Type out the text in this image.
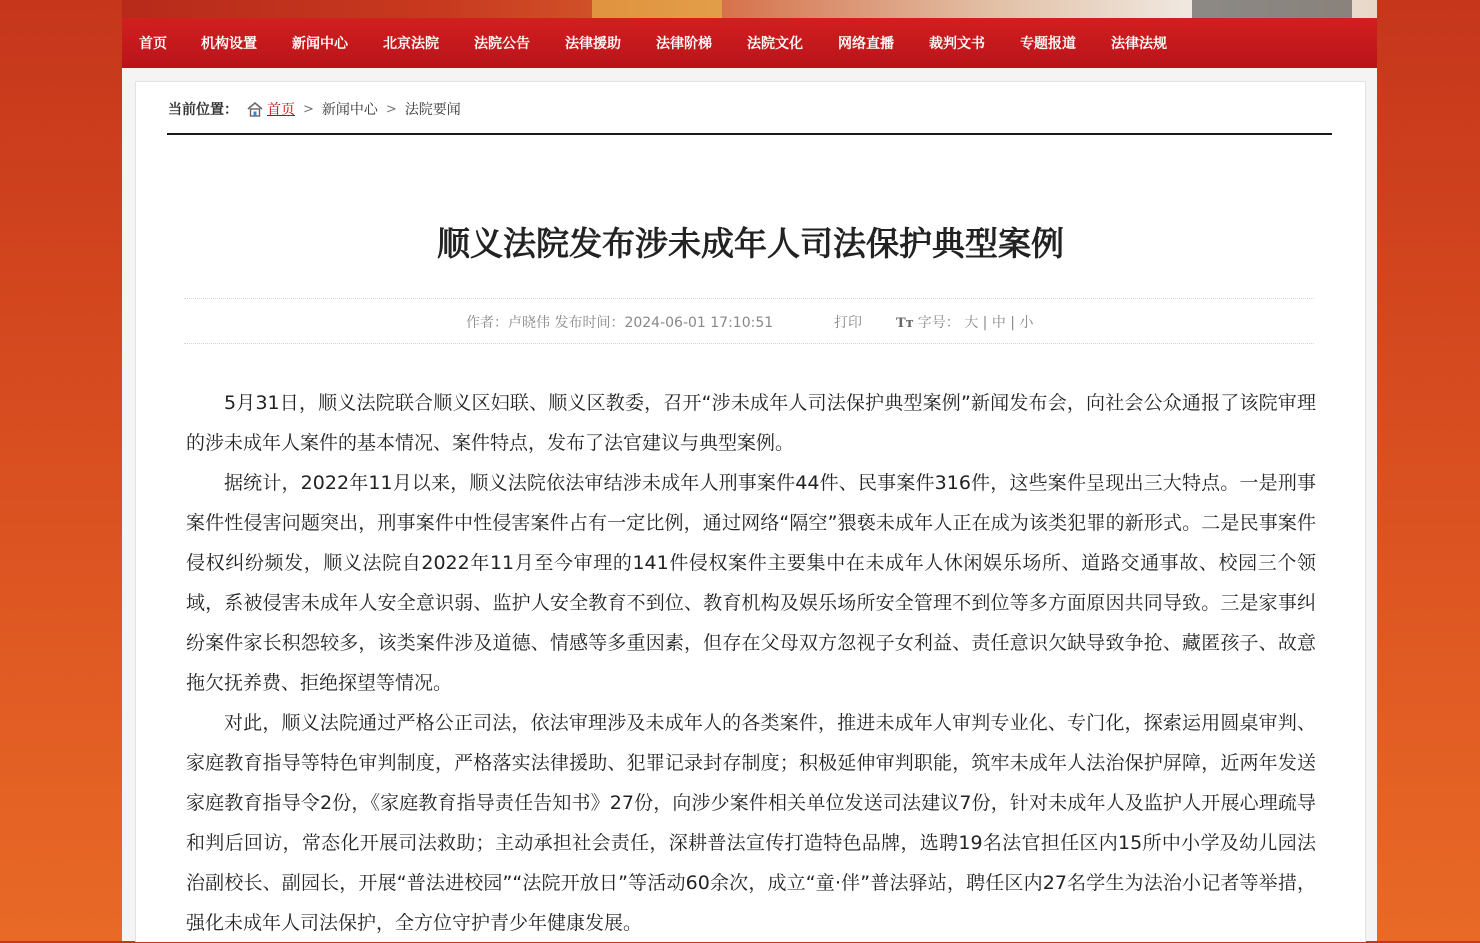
首页 机构设置	新闻中心	北京法院	法院公告	法律援助	法律阶梯	法院文化	网络直播	裁判文书	专题报道	法律法规
当前位置： 首页 > 新闻中心 > 法院要闻
顺义法院发布涉未成年人司法保护典型案例
作者：卢晓伟 发布时间：2024-06-01 17:10:51	打印	Tт 字号： 大 | 中 | 小

5月31日，顺义法院联合顺义区妇联、顺义区教委，召开“涉未成年人司法保护典型案例”新闻发布会，向社会公众通报了该院审理的涉未成年人案件的基本情况、案件特点，发布了法官建议与典型案例。

据统计，2022年11月以来，顺义法院依法审结涉未成年人刑事案件44件、民事案件316件，这些案件呈现出三大特点。一是刑事案件性侵害问题突出，刑事案件中性侵害案件占有一定比例，通过网络“隔空”猥亵未成年人正在成为该类犯罪的新形式。二是民事案件侵权纠纷频发，顺义法院自2022年11月至今审理的141件侵权案件主要集中在未成年人休闲娱乐场所、道路交通事故、校园三个领域，系被侵害未成年人安全意识弱、监护人安全教育不到位、教育机构及娱乐场所安全管理不到位等多方面原因共同导致。三是家事纠纷案件家长积怨较多，该类案件涉及道德、情感等多重因素，但存在父母双方忽视子女利益、责任意识欠缺导致争抢、藏匿孩子、故意拖欠抚养费、拒绝探望等情况。

对此，顺义法院通过严格公正司法，依法审理涉及未成年人的各类案件，推进未成年人审判专业化、专门化，探索运用圆桌审判、家庭教育指导等特色审判制度，严格落实法律援助、犯罪记录封存制度；积极延伸审判职能，筑牢未成年人法治保护屏障，近两年发送家庭教育指导令2份，《家庭教育指导责任告知书》27份，向涉少案件相关单位发送司法建议7份，针对未成年人及监护人开展心理疏导和判后回访，常态化开展司法救助；主动承担社会责任，深耕普法宣传打造特色品牌，选聘19名法官担任区内15所中小学及幼儿园法治副校长、副园长，开展“普法进校园”“法院开放日”等活动60余次，成立“童·伴”普法驿站，聘任区内27名学生为法治小记者等举措，强化未成年人司法保护，全方位守护青少年健康发展。
